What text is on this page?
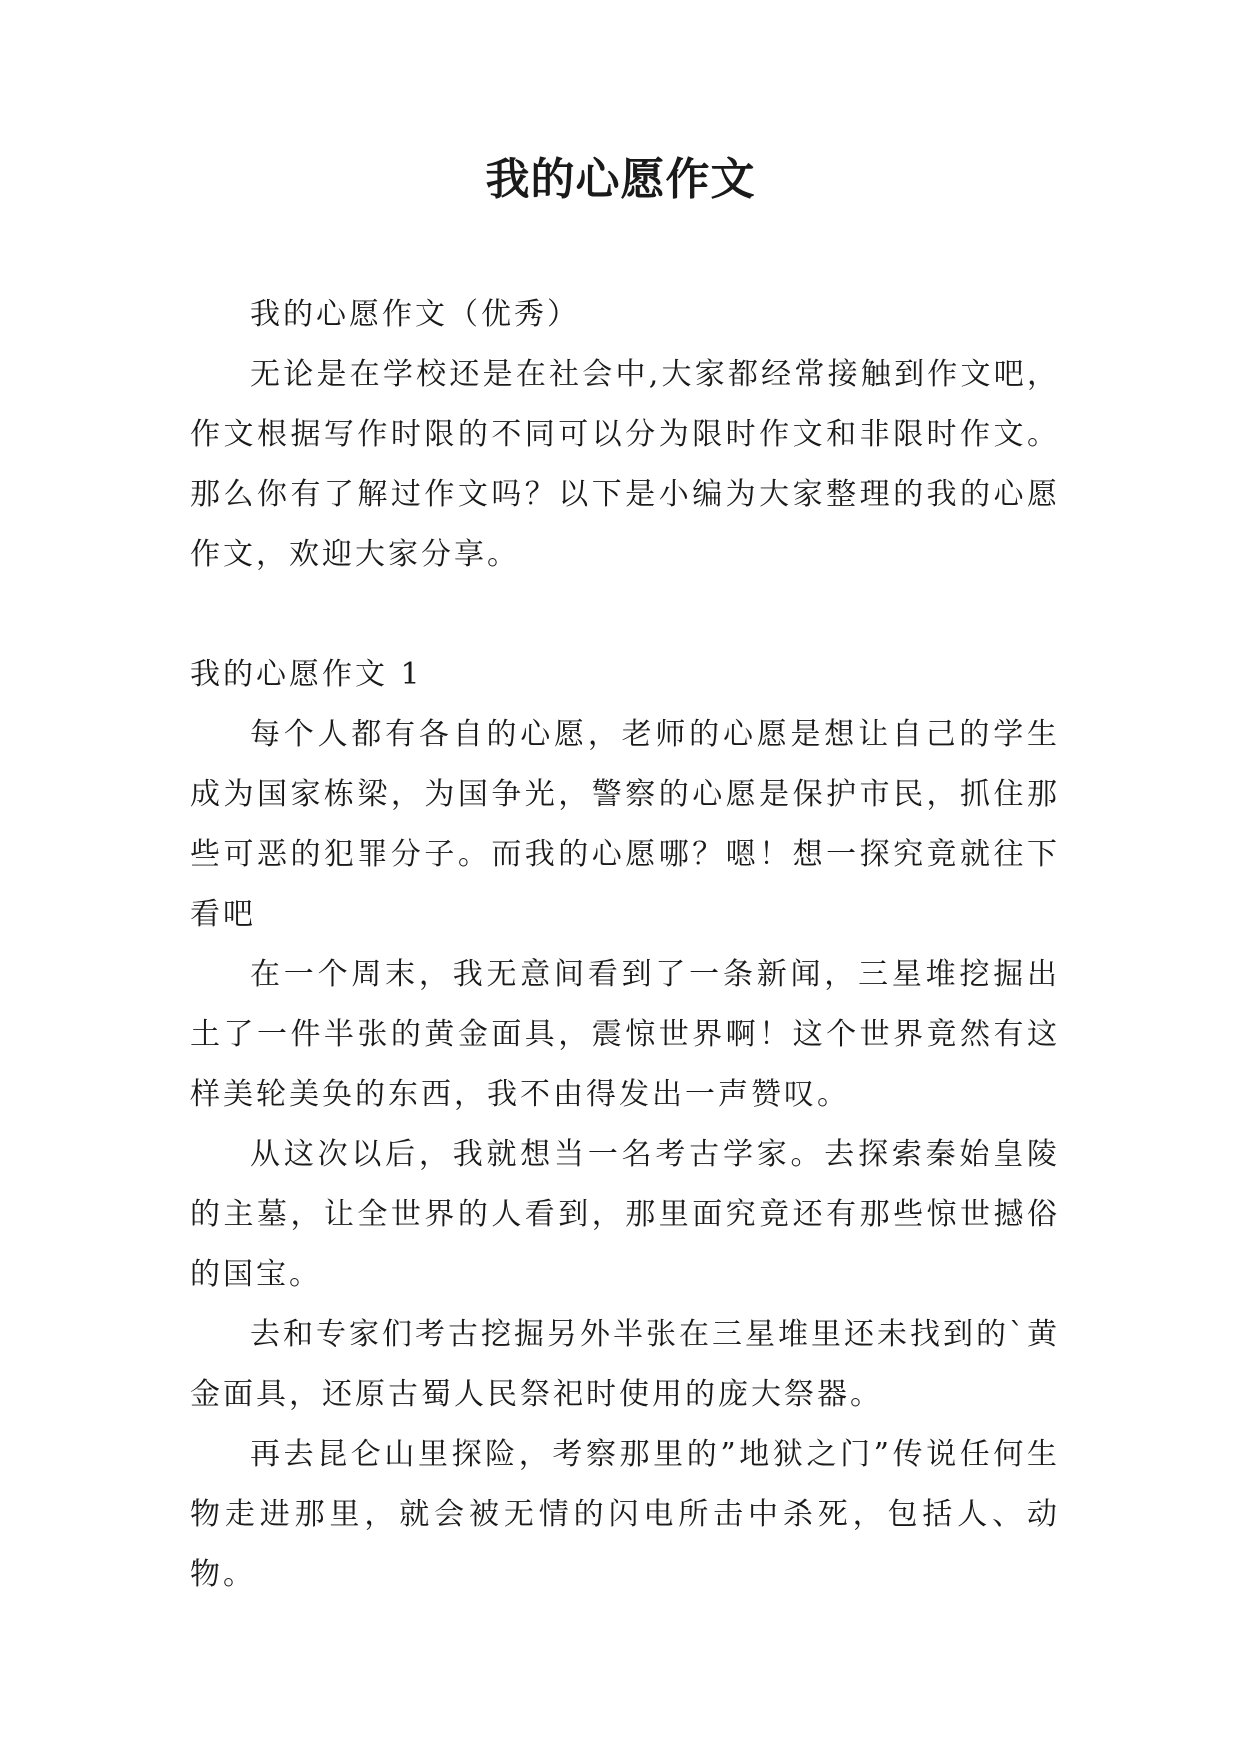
我的心愿作文

我的心愿作文（优秀）

无论是在学校还是在社会中,大家都经常接触到作文吧，作文根据写作时限的不同可以分为限时作文和非限时作文。那么你有了解过作文吗？以下是小编为大家整理的我的心愿作文，欢迎大家分享。

我的心愿作文 1

每个人都有各自的心愿，老师的心愿是想让自己的学生成为国家栋梁，为国争光，警察的心愿是保护市民，抓住那些可恶的犯罪分子。而我的心愿哪？嗯！想一探究竟就往下看吧

在一个周末，我无意间看到了一条新闻，三星堆挖掘出土了一件半张的黄金面具，震惊世界啊！这个世界竟然有这样美轮美奂的东西，我不由得发出一声赞叹。

从这次以后，我就想当一名考古学家。去探索秦始皇陵的主墓，让全世界的人看到，那里面究竟还有那些惊世撼俗的国宝。

去和专家们考古挖掘另外半张在三星堆里还未找到的`黄金面具，还原古蜀人民祭祀时使用的庞大祭器。

再去昆仑山里探险，考察那里的”地狱之门”传说任何生物走进那里，就会被无情的闪电所击中杀死，包括人、动物。
